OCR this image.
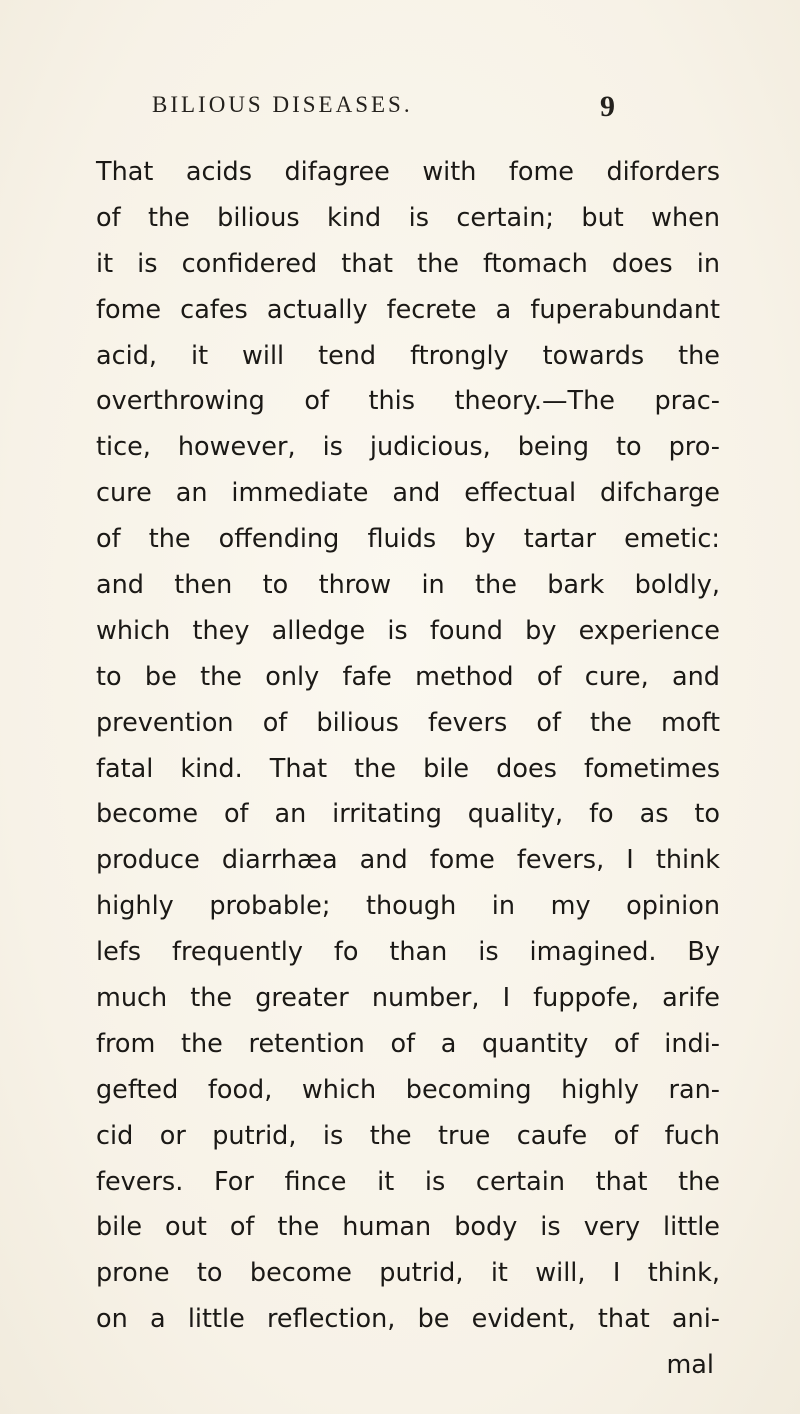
BILIOUS DISEASES.	9
That acids difagree with fome diforders
of the bilious kind is certain; but when
it is confidered that the ftomach does in
fome cafes actually fecrete a fuperabundant
acid, it will tend ftrongly towards the
overthrowing of this theory.—The prac-
tice, however, is judicious, being to pro-
cure an immediate and effectual difcharge
of the offending fluids by tartar emetic:
and then to throw in the bark boldly,
which they alledge is found by experience
to be the only fafe method of cure, and
prevention of bilious fevers of the moft
fatal kind. That the bile does fometimes
become of an irritating quality, fo as to
produce diarrhæa and fome fevers, I think
highly probable; though in my opinion
lefs frequently fo than is imagined. By
much the greater number, I fuppofe, arife
from the retention of a quantity of indi-
gefted food, which becoming highly ran-
cid or putrid, is the true caufe of fuch
fevers. For fince it is certain that the
bile out of the human body is very little
prone to become putrid, it will, I think,
on a little reflection, be evident, that ani-
mal
